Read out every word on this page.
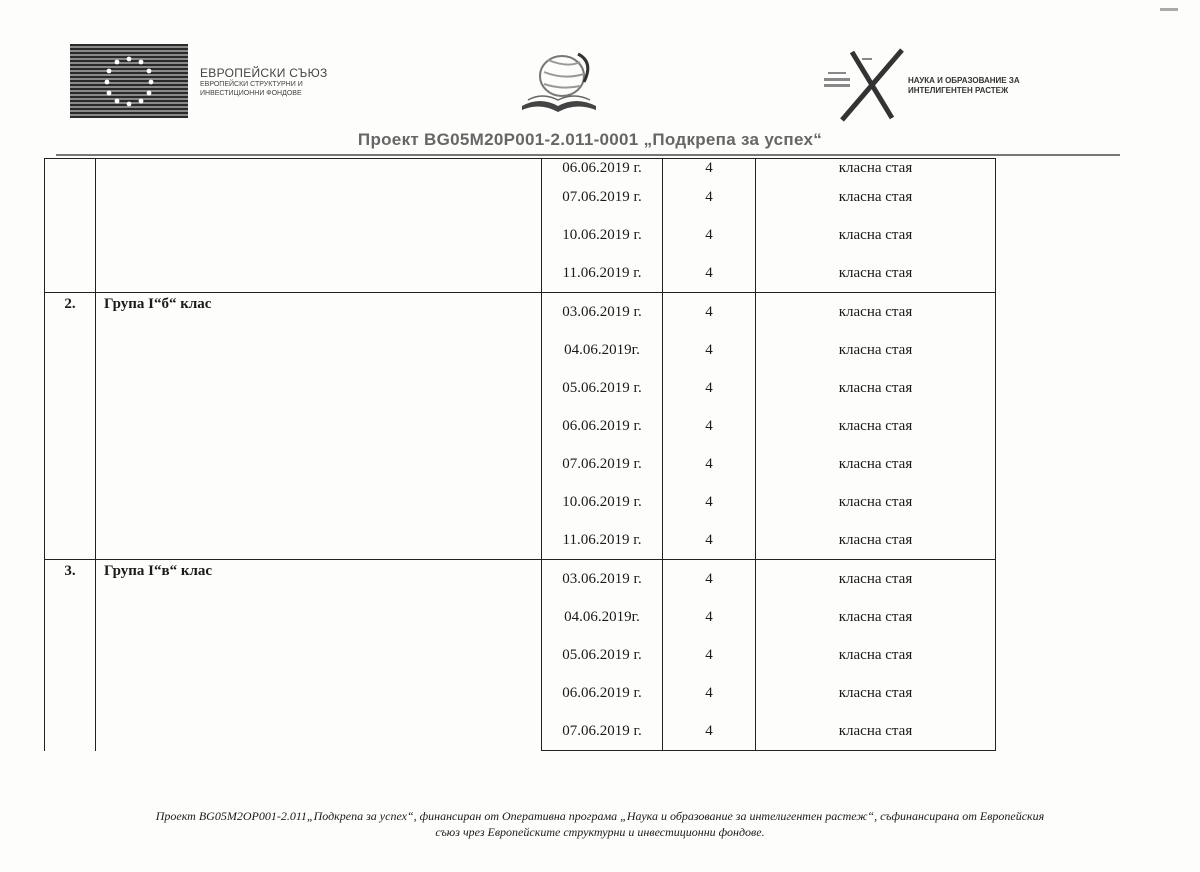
ЕВРОПЕЙСКИ СЪЮЗ
ЕВРОПЕЙСКИ СТРУКТУРНИ И
ИНВЕСТИЦИОННИ ФОНДОВЕ
НАУКА И ОБРАЗОВАНИЕ ЗА
ИНТЕЛИГЕНТЕН РАСТЕЖ
Проект BG05M20P001-2.011-0001 „Подкрепа за успех“
		06.06.2019 г.	4	класна стая
		07.06.2019 г.	4	класна стая
		10.06.2019 г.	4	класна стая
		11.06.2019 г.	4	класна стая
2.	Група I“б“ клас	03.06.2019 г.	4	класна стая
		04.06.2019г.	4	класна стая
		05.06.2019 г.	4	класна стая
		06.06.2019 г.	4	класна стая
		07.06.2019 г.	4	класна стая
		10.06.2019 г.	4	класна стая
		11.06.2019 г.	4	класна стая
3.	Група I“в“ клас	03.06.2019 г.	4	класна стая
		04.06.2019г.	4	класна стая
		05.06.2019 г.	4	класна стая
		06.06.2019 г.	4	класна стая
		07.06.2019 г.	4	класна стая
Проект BG05M2OP001-2.011„Подкрепа за успех“, финансиран от Оперативна програма „Наука и образование за интелигентен растеж“, съфинансирана от Европейския
съюз чрез Европейските структурни и инвестиционни фондове.
